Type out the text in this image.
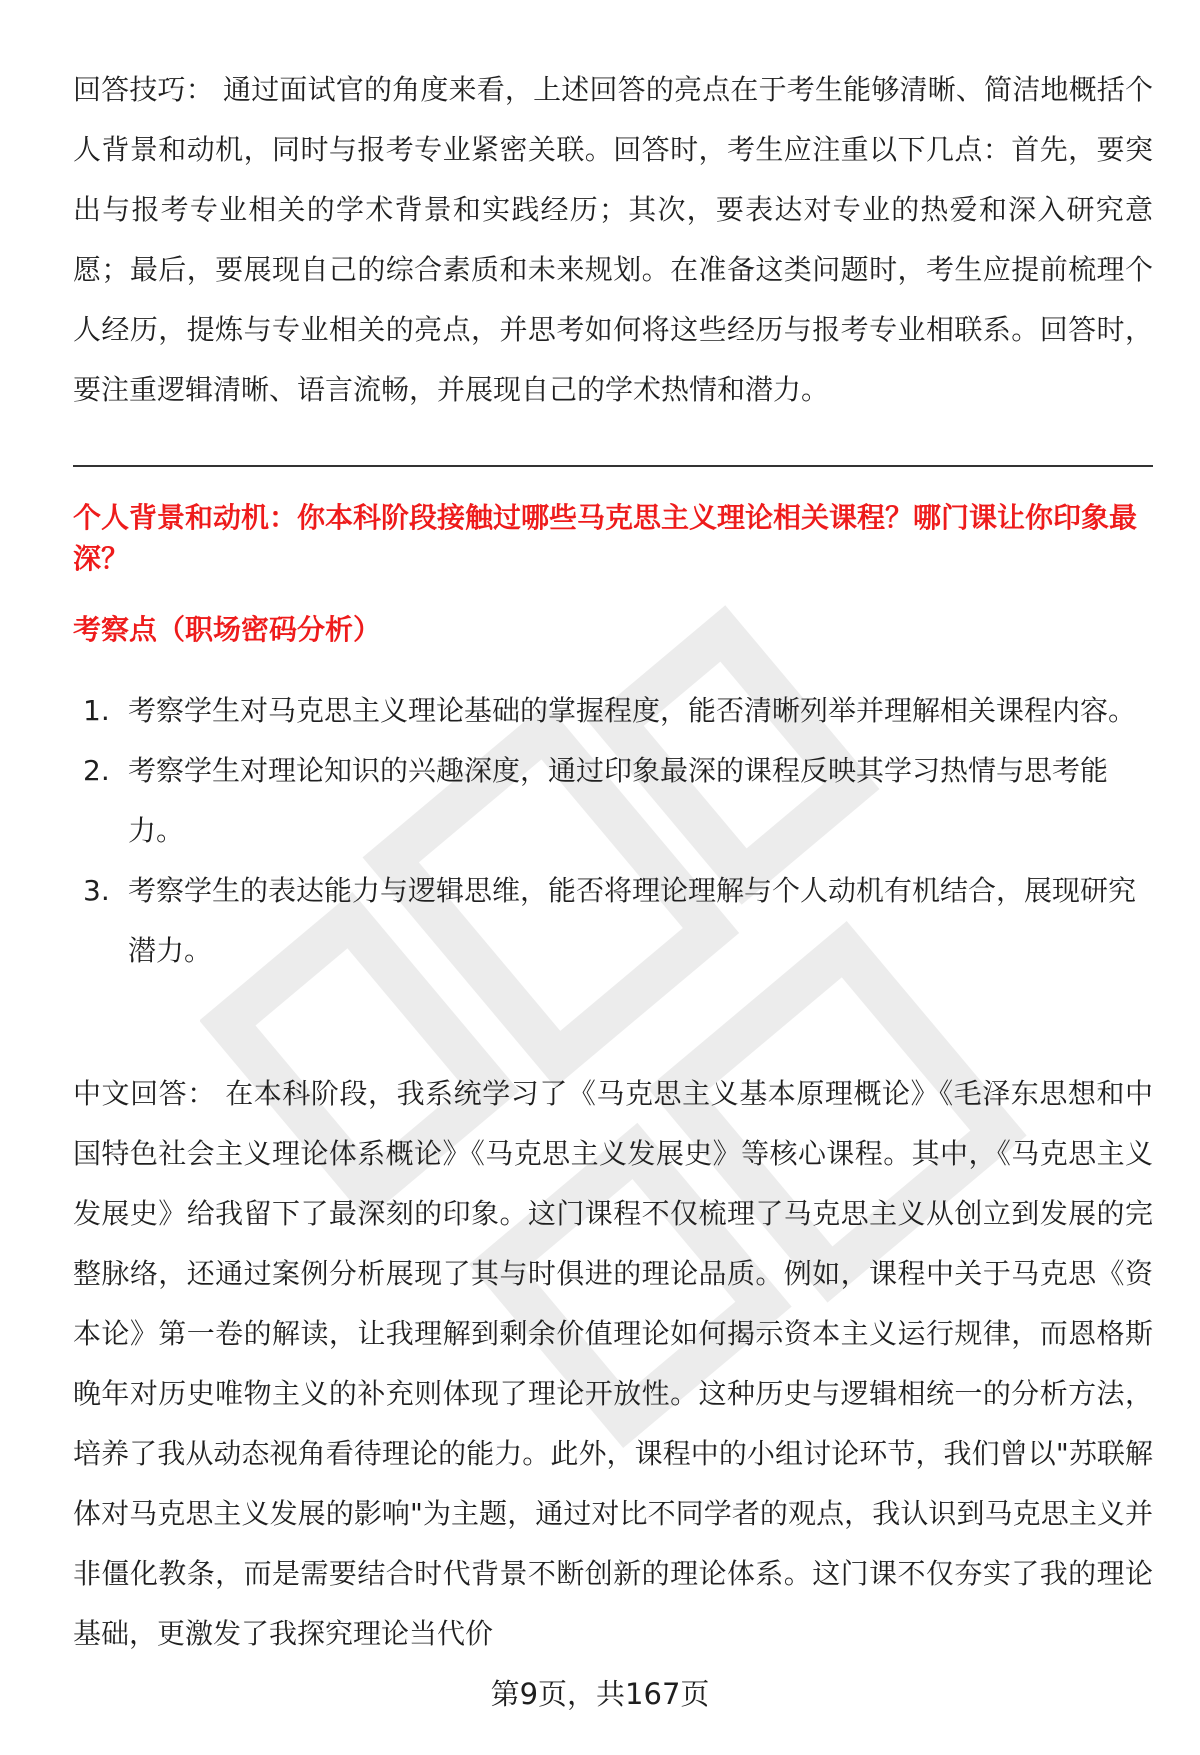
回答技巧： 通过面试官的角度来看，上述回答的亮点在于考生能够清晰、简洁地概括个人背景和动机，同时与报考专业紧密关联。回答时，考生应注重以下几点：首先，要突出与报考专业相关的学术背景和实践经历；其次，要表达对专业的热爱和深入研究意愿；最后，要展现自己的综合素质和未来规划。在准备这类问题时，考生应提前梳理个人经历，提炼与专业相关的亮点，并思考如何将这些经历与报考专业相联系。回答时，要注重逻辑清晰、语言流畅，并展现自己的学术热情和潜力。

个人背景和动机：你本科阶段接触过哪些马克思主义理论相关课程？哪门课让你印象最深？

考察点（职场密码分析）

1. 考察学生对马克思主义理论基础的掌握程度，能否清晰列举并理解相关课程内容。
2. 考察学生对理论知识的兴趣深度，通过印象最深的课程反映其学习热情与思考能力。
3. 考察学生的表达能力与逻辑思维，能否将理论理解与个人动机有机结合，展现研究潜力。

中文回答： 在本科阶段，我系统学习了《马克思主义基本原理概论》《毛泽东思想和中国特色社会主义理论体系概论》《马克思主义发展史》等核心课程。其中，《马克思主义发展史》给我留下了最深刻的印象。这门课程不仅梳理了马克思主义从创立到发展的完整脉络，还通过案例分析展现了其与时俱进的理论品质。例如，课程中关于马克思《资本论》第一卷的解读，让我理解到剩余价值理论如何揭示资本主义运行规律，而恩格斯晚年对历史唯物主义的补充则体现了理论开放性。这种历史与逻辑相统一的分析方法，培养了我从动态视角看待理论的能力。此外，课程中的小组讨论环节，我们曾以"苏联解体对马克思主义发展的影响"为主题，通过对比不同学者的观点，我认识到马克思主义并非僵化教条，而是需要结合时代背景不断创新的理论体系。这门课不仅夯实了我的理论基础，更激发了我探究理论当代价

第9页，共167页
